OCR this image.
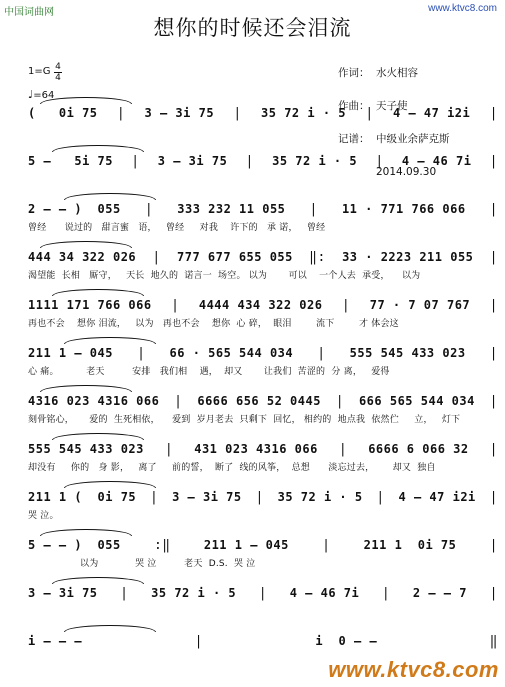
中国词曲网	www.ktvc8.com
想你的时候还会泪流

作词： 水火相容

作曲： 天子使

记谱： 中级业余萨克斯

2014.09.30

1=G 4
4
♩=64
(   0i 75 | 3 – 3i 75 | 35 72 i · 5 | 4 – 47 i2i |
5 –   5i 75 | 3 – 3i 75 | 35 72 i · 5 | 4 – 46 7i |
2 – – )  055 | 333 232 11 055 | 11 · 771 766 066 |
曾经      说过的   甜言蜜   语，   曾经     对我    许下的   承 诺，   曾经
444 34 322 026 | 777 677 655 055 ‖: 33 · 2223 211 055 |
渴望能  长相   厮守，   天长  地久的  诺言一  场空。 以为       可以    一个人去  承受，    以为
1111 171 766 066 | 4444 434 322 026 | 77 · 7 07 767 |
再也不会    想你 泪流，   以为   再也不会    想你  心 碎，  眼泪        流下        才 体会这
211 1 – 045 | 66 · 565 544 034 | 555 545 433 023 |
心 痛。         老天         安排   我们相    遇，  却又       让我们  苦涩的  分 离，   爱得
4316 023 4316 066 | 6666 656 52 0445 | 666 565 544 034 |
刻骨铭心，     爱的  生死相依，    爱到  岁月老去  只剩下  回忆， 相约的  地点我  依然伫     立，   灯下
555 545 433 023 | 431 023 4316 066 | 6666 6 066 32 |
却没有     你的   身 影，   离了     前的誓，  断了  线的风筝，  总想      淡忘过去，      却又  独自
211 1 (  0i 75 | 3 – 3i 75 | 35 72 i · 5 | 4 – 47 i2i |
哭 泣。
5 – – )  055	:‖	211 1 – 045	|	211 1  0i 75	|
以为            哭 泣         老天  D.S.  哭 泣
3 – 3i 75 | 35 72 i · 5 | 4 – 46 7i | 2 – – 7 |
i – – –	|	i  0 – –	‖
www.ktvc8.com
